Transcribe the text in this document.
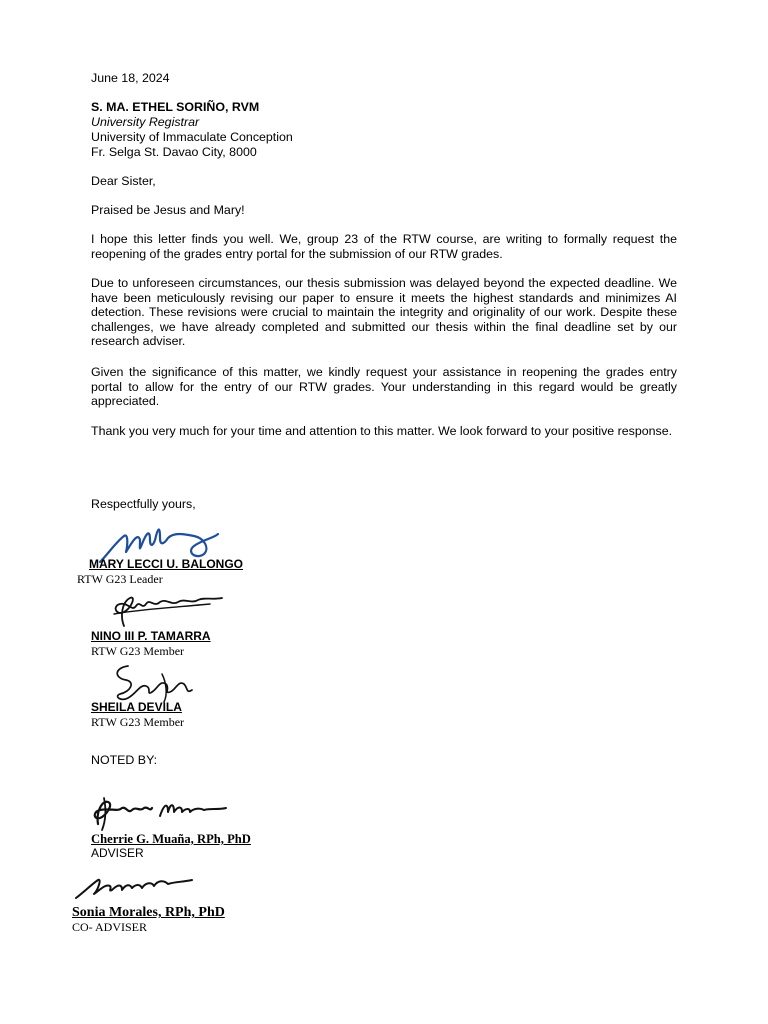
June 18, 2024
S. MA. ETHEL SORIÑO, RVM
University Registrar
University of Immaculate Conception
Fr. Selga St. Davao City, 8000
Dear Sister,
Praised be Jesus and Mary!
I hope this letter finds you well. We, group 23 of the RTW course, are writing to formally request the reopening of the grades entry portal for the submission of our RTW grades.
Due to unforeseen circumstances, our thesis submission was delayed beyond the expected deadline. We have been meticulously revising our paper to ensure it meets the highest standards and minimizes AI detection. These revisions were crucial to maintain the integrity and originality of our work. Despite these challenges, we have already completed and submitted our thesis within the final deadline set by our research adviser.
Given the significance of this matter, we kindly request your assistance in reopening the grades entry portal to allow for the entry of our RTW grades. Your understanding in this regard would be greatly appreciated.
Thank you very much for your time and attention to this matter. We look forward to your positive response.
Respectfully yours,
MARY LECCI U. BALONGO
RTW G23 Leader
NINO III P. TAMARRA
RTW G23 Member
SHEILA DEVILA
RTW G23 Member
NOTED BY:
Cherrie G. Muaña, RPh, PhD
ADVISER
Sonia Morales, RPh, PhD
CO- ADVISER
